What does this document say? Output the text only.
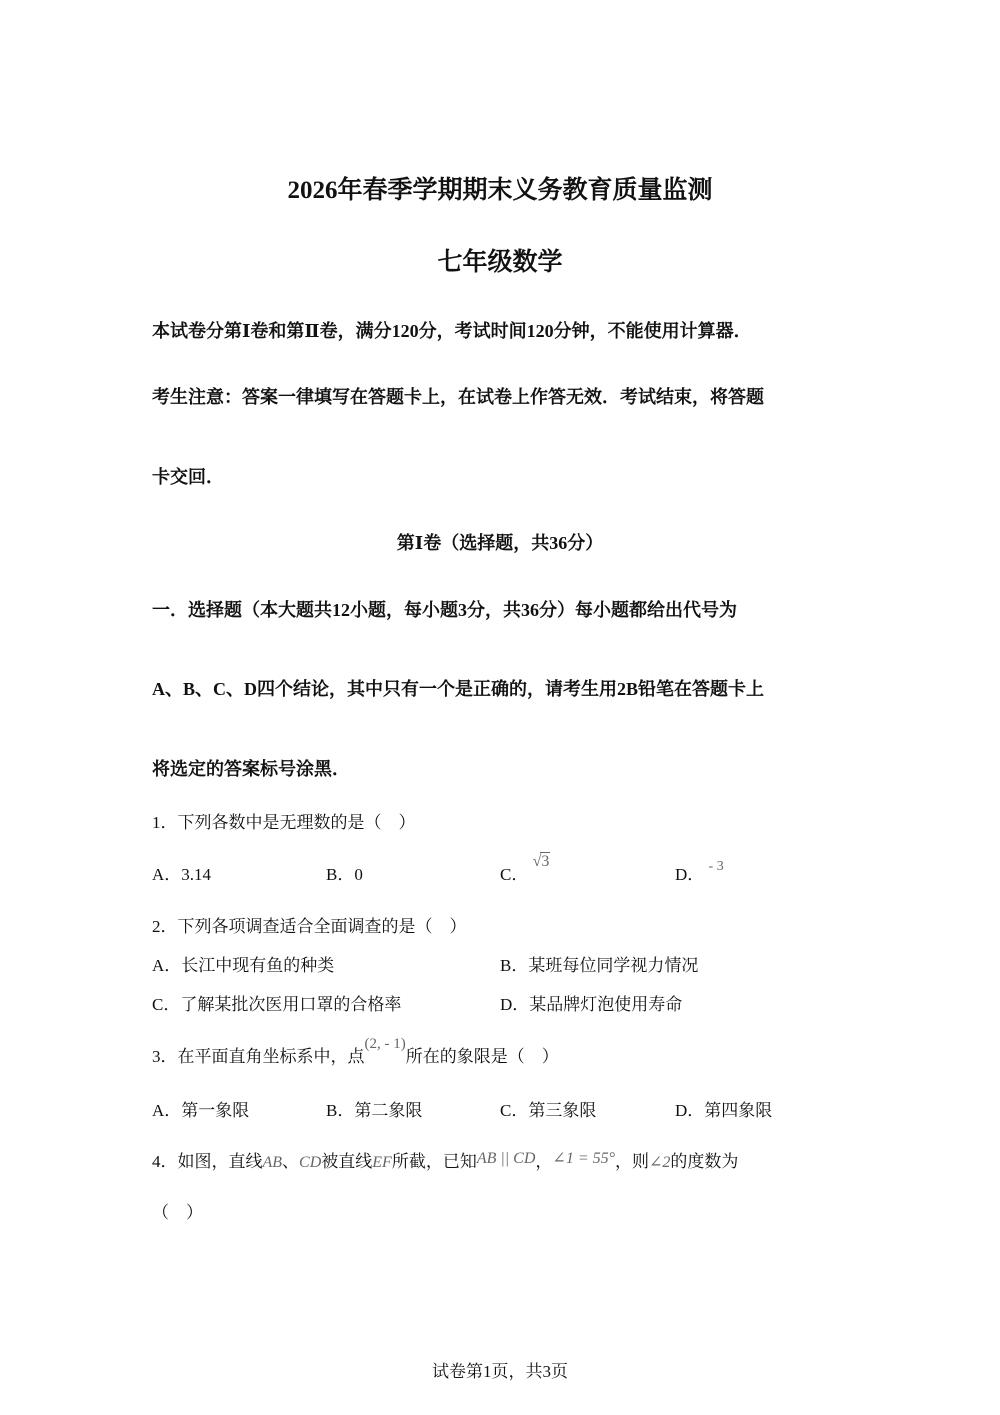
2026年春季学期期末义务教育质量监测
七年级数学
本试卷分第Ⅰ卷和第Ⅱ卷，满分120分，考试时间120分钟，不能使用计算器．
考生注意：答案一律填写在答题卡上，在试卷上作答无效．考试结束，将答题
卡交回．
第Ⅰ卷（选择题，共36分）
一．选择题（本大题共12小题，每小题3分，共36分）每小题都给出代号为
A、B、C、D四个结论，其中只有一个是正确的，请考生用2B铅笔在答题卡上
将选定的答案标号涂黑．
1．下列各数中是无理数的是（　）
A．3.14	B．0	C． √3
D． $^{- 3}$
2．下列各项调查适合全面调查的是（　）
A．长江中现有鱼的种类	B．某班每位同学视力情况
C．了解某批次医用口罩的合格率	D．某品牌灯泡使用寿命
3．在平面直角坐标系中，点(2, - 1)所在的象限是（　）
A．第一象限	B．第二象限	C．第三象限	D．第四象限
4．如图，直线AB、CD被直线EF所截，已知AB || CD，∠1 = 55°，则∠2的度数为
（　）
试卷第1页，共3页
